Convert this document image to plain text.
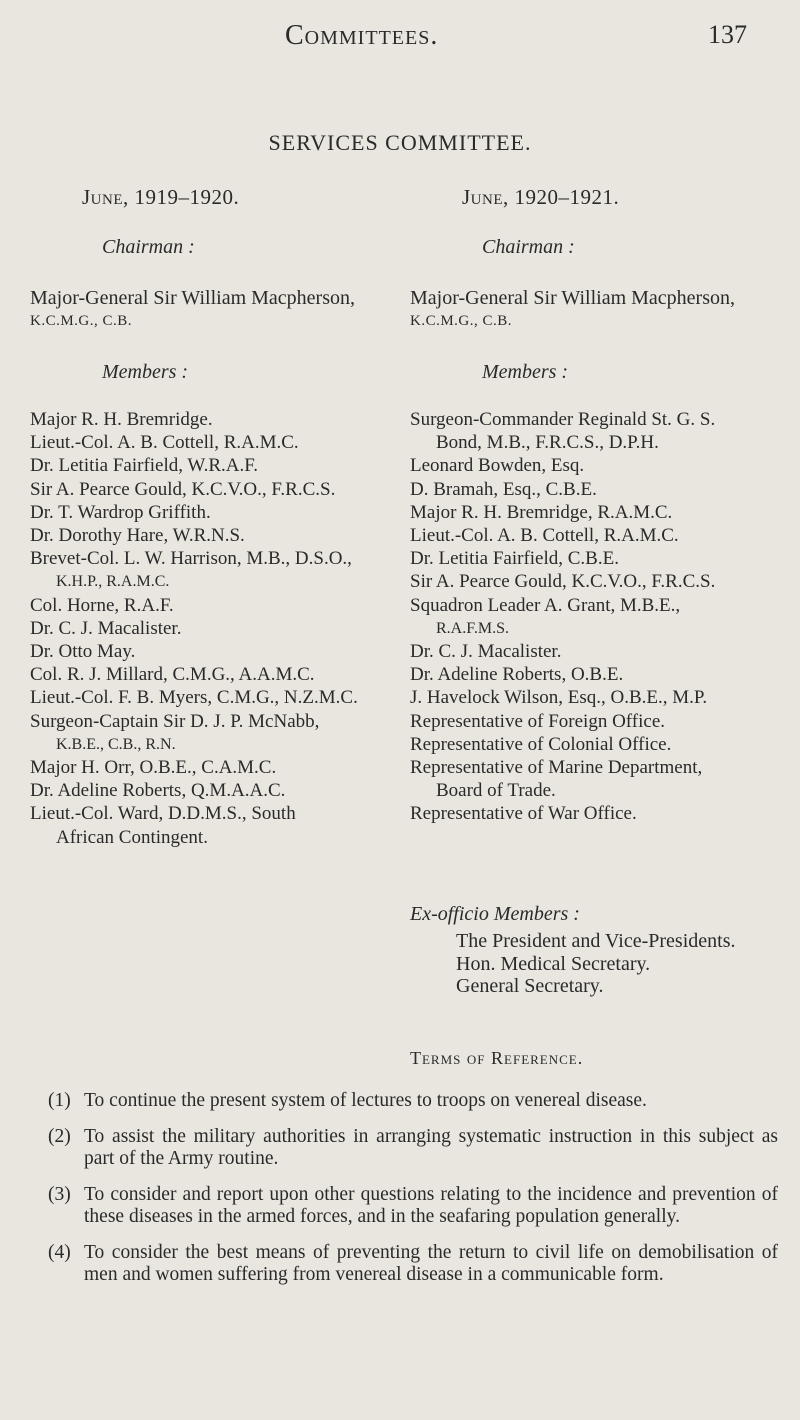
Committees.	137
SERVICES COMMITTEE.
June, 1919–1920.
Chairman :
Major-General Sir William Macpherson,
K.C.M.G., C.B.
Members :
Major R. H. Bremridge.
Lieut.-Col. A. B. Cottell, R.A.M.C.
Dr. Letitia Fairfield, W.R.A.F.
Sir A. Pearce Gould, K.C.V.O., F.R.C.S.
Dr. T. Wardrop Griffith.
Dr. Dorothy Hare, W.R.N.S.
Brevet-Col. L. W. Harrison, M.B., D.S.O.,
K.H.P., R.A.M.C.
Col. Horne, R.A.F.
Dr. C. J. Macalister.
Dr. Otto May.
Col. R. J. Millard, C.M.G., A.A.M.C.
Lieut.-Col. F. B. Myers, C.M.G., N.Z.M.C.
Surgeon-Captain Sir D. J. P. McNabb,
K.B.E., C.B., R.N.
Major H. Orr, O.B.E., C.A.M.C.
Dr. Adeline Roberts, Q.M.A.A.C.
Lieut.-Col. Ward, D.D.M.S., South
African Contingent.
June, 1920–1921.
Chairman :
Major-General Sir William Macpherson,
K.C.M.G., C.B.
Members :
Surgeon-Commander Reginald St. G. S.
Bond, M.B., F.R.C.S., D.P.H.
Leonard Bowden, Esq.
D. Bramah, Esq., C.B.E.
Major R. H. Bremridge, R.A.M.C.
Lieut.-Col. A. B. Cottell, R.A.M.C.
Dr. Letitia Fairfield, C.B.E.
Sir A. Pearce Gould, K.C.V.O., F.R.C.S.
Squadron Leader A. Grant, M.B.E.,
R.A.F.M.S.
Dr. C. J. Macalister.
Dr. Adeline Roberts, O.B.E.
J. Havelock Wilson, Esq., O.B.E., M.P.
Representative of Foreign Office.
Representative of Colonial Office.
Representative of Marine Department,
Board of Trade.
Representative of War Office.
Ex-officio Members :
The President and Vice-Presidents.
Hon. Medical Secretary.
General Secretary.
Terms of Reference.
(1) To continue the present system of lectures to troops on venereal disease.
(2) To assist the military authorities in arranging systematic instruction in this subject as part of the Army routine.
(3) To consider and report upon other questions relating to the incidence and prevention of these diseases in the armed forces, and in the seafaring population generally.
(4) To consider the best means of preventing the return to civil life on demobilisation of men and women suffering from venereal disease in a communicable form.
